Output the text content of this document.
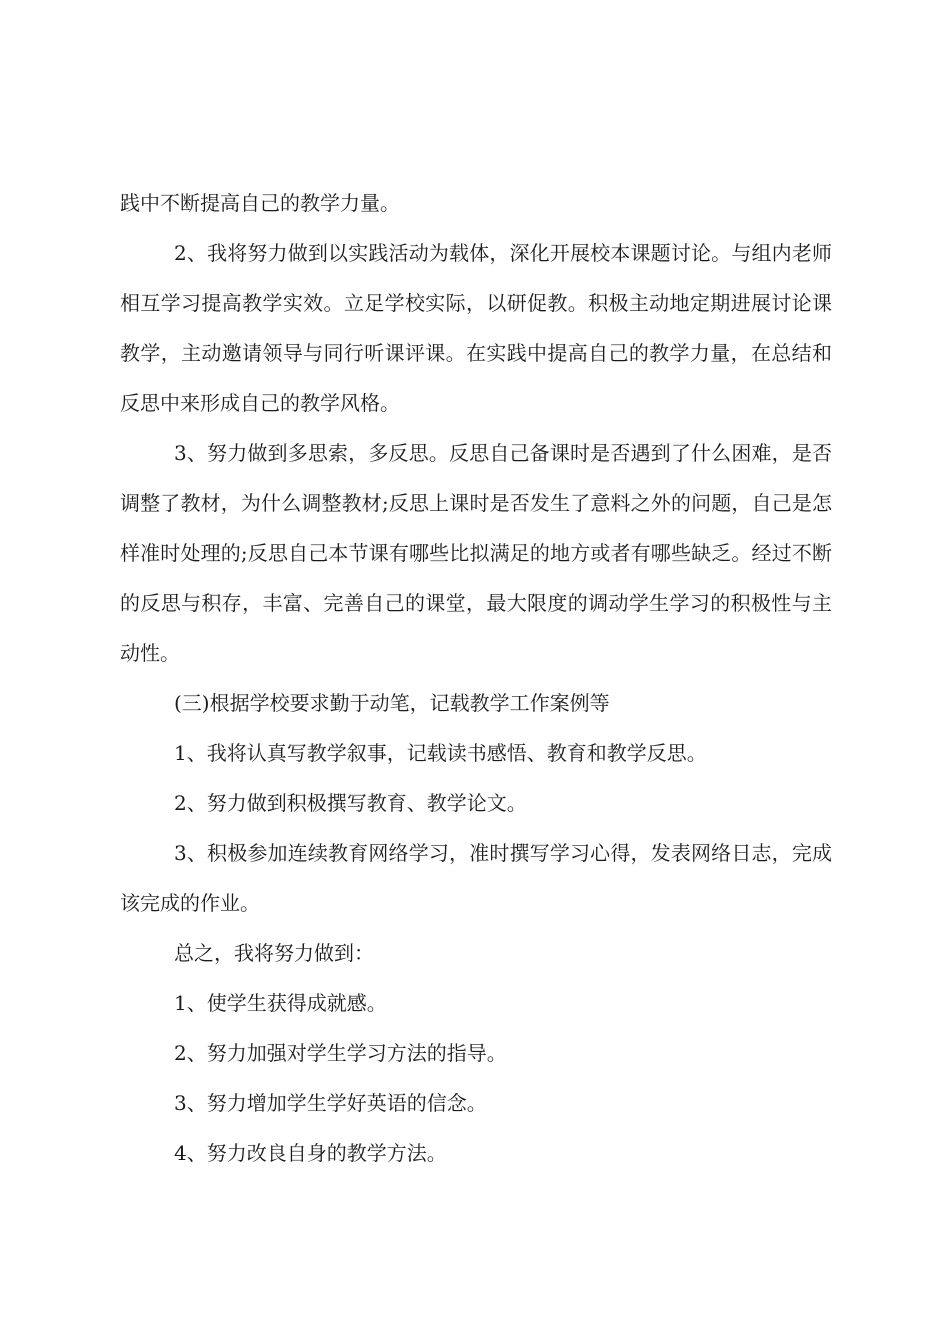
践中不断提高自己的教学力量。

2、我将努力做到以实践活动为载体，深化开展校本课题讨论。与组内老师相互学习提高教学实效。立足学校实际，以研促教。积极主动地定期进展讨论课教学，主动邀请领导与同行听课评课。在实践中提高自己的教学力量，在总结和反思中来形成自己的教学风格。

3、努力做到多思索，多反思。反思自己备课时是否遇到了什么困难，是否调整了教材，为什么调整教材;反思上课时是否发生了意料之外的问题，自己是怎样准时处理的;反思自己本节课有哪些比拟满足的地方或者有哪些缺乏。经过不断的反思与积存，丰富、完善自己的课堂，最大限度的调动学生学习的积极性与主动性。

(三)根据学校要求勤于动笔，记载教学工作案例等

1、我将认真写教学叙事，记载读书感悟、教育和教学反思。

2、努力做到积极撰写教育、教学论文。

3、积极参加连续教育网络学习，准时撰写学习心得，发表网络日志，完成该完成的作业。

总之，我将努力做到：

1、使学生获得成就感。

2、努力加强对学生学习方法的指导。

3、努力增加学生学好英语的信念。

4、努力改良自身的教学方法。
